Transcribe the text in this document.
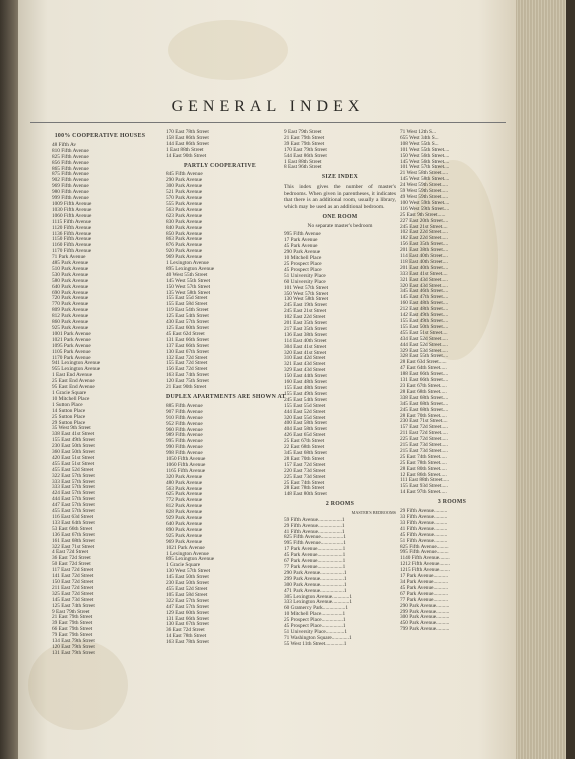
GENERAL INDEX
100% COOPERATIVE HOUSES
48 Fifth Av
810 Fifth Avenue
825 Fifth Avenue
856 Fifth Avenue
865 Fifth Avenue
875 Fifth Avenue
902 Fifth Avenue
969 Fifth Avenue
980 Fifth Avenue
999 Fifth Avenue
1009 Fifth Avenue
1030 Fifth Avenue
1060 Fifth Avenue
1115 Fifth Avenue
1120 Fifth Avenue
1136 Fifth Avenue
1150 Fifth Avenue
1160 Fifth Avenue
1170 Fifth Avenue
71 Park Avenue
485 Park Avenue
510 Park Avenue
530 Park Avenue
580 Park Avenue
640 Park Avenue
690 Park Avenue
720 Park Avenue
770 Park Avenue
809 Park Avenue
812 Park Avenue
860 Park Avenue
925 Park Avenue
1001 Park Avenue
1021 Park Avenue
1095 Park Avenue
1105 Park Avenue
1170 Park Avenue
941 Lexington Avenue
955 Lexington Avenue
1 East End Avenue
25 East End Avenue
95 East End Avenue
1 Gracie Square
10 Mitchell Place
1 Sutton Place
14 Sutton Place
25 Sutton Place
29 Sutton Place
35 West 9th Street
338 East 41st Street
155 East 49th Street
230 East 50th Street
360 East 50th Street
420 East 51st Street
455 East 51st Street
455 East 52d Street
322 East 57th Street
333 East 57th Street
333 East 57th Street
424 East 57th Street
444 East 57th Street
447 East 57th Street
455 East 57th Street
116 East 63d Street
133 East 64th Street
53 East 66th Street
136 East 67th Street
161 East 68th Street
322 East 71st Street
4 East 72d Street
36 East 72d Street
50 East 72d Street
117 East 72d Street
141 East 72d Street
150 East 72d Street
211 East 72d Street
325 East 72d Street
145 East 73d Street
125 East 74th Street
9 East 79th Street
21 East 79th Street
39 East 79th Street
66 East 79th Street
79 East 79th Street
134 East 79th Street
120 East 79th Street
131 East 79th Street
170 East 78th Street
158 East 86th Street
144 East 86th Street
1 East 88th Street
14 East 90th Street
PARTLY COOPERATIVE
845 Fifth Avenue
290 Park Avenue
300 Park Avenue
521 Park Avenue
570 Park Avenue
555 Park Avenue
563 Park Avenue
623 Park Avenue
830 Park Avenue
840 Park Avenue
850 Park Avenue
863 Park Avenue
876 Park Avenue
920 Park Avenue
969 Park Avenue
1 Lexington Avenue
895 Lexington Avenue
40 West 55th Street
145 West 55th Street
150 West 57th Street
135 West 58th Street
155 East 55d Street
155 East 58d Street
119 East 54th Street
125 East 54th Street
430 East 57th Street
125 East 60th Street
45 East 62d Street
131 East 66th Street
137 East 66th Street
130 East 67th Street
132 East 72d Street
155 East 72d Street
156 East 72d Street
163 East 74th Street
120 East 75th Street
21 East 90th Street
DUPLEX APARTMENTS ARE SHOWN AT
885 Fifth Avenue
907 Fifth Avenue
910 Fifth Avenue
952 Fifth Avenue
960 Fifth Avenue
989 Fifth Avenue
995 Fifth Avenue
990 Fifth Avenue
998 Fifth Avenue
1050 Fifth Avenue
1060 Fifth Avenue
1165 Fifth Avenue
320 Park Avenue
480 Park Avenue
563 Park Avenue
625 Park Avenue
772 Park Avenue
812 Park Avenue
828 Park Avenue
929 Park Avenue
640 Park Avenue
890 Park Avenue
925 Park Avenue
969 Park Avenue
1021 Park Avenue
1 Lexington Avenue
895 Lexington Avenue
1 Gracie Square
130 West 57th Street
145 East 50th Street
230 East 50th Street
455 East 52d Street
105 East 58d Street
322 East 57th Street
447 East 57th Street
129 East 60th Street
131 East 66th Street
130 East 67th Street
36 East 72d Street
14 East 78th Street
163 East 78th Street
9 East 79th Street
21 East 79th Street
39 East 79th Street
170 East 79th Street
544 East 86th Street
1 East 88th Street
8 East 96th Street
SIZE INDEX
This index gives the number of master's bedrooms. When given in parentheses, it indicates that there is an additional room, usually a library, which may be used as an additional bedroom.
ONE ROOM
No separate master's bedroom
995 Fifth Avenue
17 Park Avenue
45 Park Avenue
290 Park Avenue
10 Mitchell Place
25 Prospect Place
45 Prospect Place
51 University Place
60 University Place
101 West 57th Street
350 West 57th Street
130 West 58th Street
245 East 19th Street
245 East 21st Street
102 East 22d Street
201 East 35th Street
217 East 35th Street
136 East 38th Street
114 East 40th Street
304 East 41st Street
320 East 41st Street
310 East 42d Street
321 East 43d Street
329 East 43d Street
150 East 44th Street
160 East 48th Street
155 East 48th Street
155 East 49th Street
245 East 54th Street
155 East 55d Street
444 East 52d Street
320 East 55d Street
400 East 58th Street
404 East 58th Street
426 East 65d Street
25 East 67th Street
22 East 68th Street
345 East 68th Street
28 East 70th Street
157 East 72d Street
220 East 73d Street
225 East 73d Street
25 East 74th Street
28 East 78th Street
148 East 80th Street
2 ROOMS
MASTER'S BEDROOMS
59 Fifth Avenue..................1
29 Fifth Avenue..................1
41 Fifth Avenue..................1
825 Fifth Avenue.................1
995 Fifth Avenue.................1
17 Park Avenue...................1
45 Park Avenue...................1
67 Park Avenue...................1
77 Park Avenue...................1
290 Park Avenue..................1
299 Park Avenue..................1
300 Park Avenue..................1
471 Park Avenue..................1
305 Lexington Avenue.............1
333 Lexington Avenue.............1
60 Gramercy Park.................1
10 Mitchell Place................1
25 Prospect Place................1
45 Prospect Place................1
51 University Place..............1
71 Washington Square.............1
55 West 11th Street..............1
71 West 12th S...
655 West 34th S...
108 West 55th S...
101 West 55th Street....
150 West 56th Street....
145 West 56th Street....
101 West 57th Street....
21 West 58th Street.....
145 West 58th Street....
24 West 59th Street.....
59 West 59th Street.....
49 West 59th Street.....
100 West 59th Street....
116 West 59th Street....
25 East 9th Street......
227 East 20th Street....
245 East 21st Street....
102 East 22d Street.....
182 East 22d Street.....
156 East 35th Street....
201 East 38th Street....
114 East 40th Street....
118 East 40th Street....
201 East 40th Street....
333 East 41st Street....
321 East 43d Street.....
320 East 43d Street.....
345 East 46th Street....
145 East 47th Street....
160 East 48th Street....
212 East 48th Street....
142 East 49th Street....
155 East 49th Street....
155 East 50th Street....
455 East 51st Street....
434 East 52d Street.....
444 East 52d Street.....
329 East 53d Street.....
328 East 55th Street....
28 East 63d Street......
47 East 64th Street.....
188 East 66th Street....
131 East 66th Street....
23 East 67th Street.....
28 East 68th Street.....
338 East 68th Street....
345 East 68th Street....
245 East 68th Street....
28 East 70th Street.....
230 East 71st Street....
157 East 72d Street.....
211 East 72d Street.....
225 East 72d Street.....
215 East 73d Street.....
215 East 73d Street.....
25 East 74th Street.....
25 East 78th Street.....
28 East 80th Street.....
12 East 86th Street.....
111 East 88th Street.....
155 East 93d Street.....
14 East 97th Street.....
3 ROOMS
29 Fifth Avenue..........
33 Fifth Avenue..........
33 Fifth Avenue..........
41 Fifth Avenue..........
45 Fifth Avenue..........
51 Fifth Avenue..........
825 Fifth Avenue.........
995 Fifth Avenue.........
1140 Fifth Avenue........
1212 Fifth Avenue........
1215 Fifth Avenue........
17 Park Avenue...........
34 Park Avenue...........
45 Park Avenue...........
67 Park Avenue...........
77 Park Avenue...........
290 Park Avenue..........
299 Park Avenue..........
300 Park Avenue..........
450 Park Avenue..........
799 Park Avenue..........
